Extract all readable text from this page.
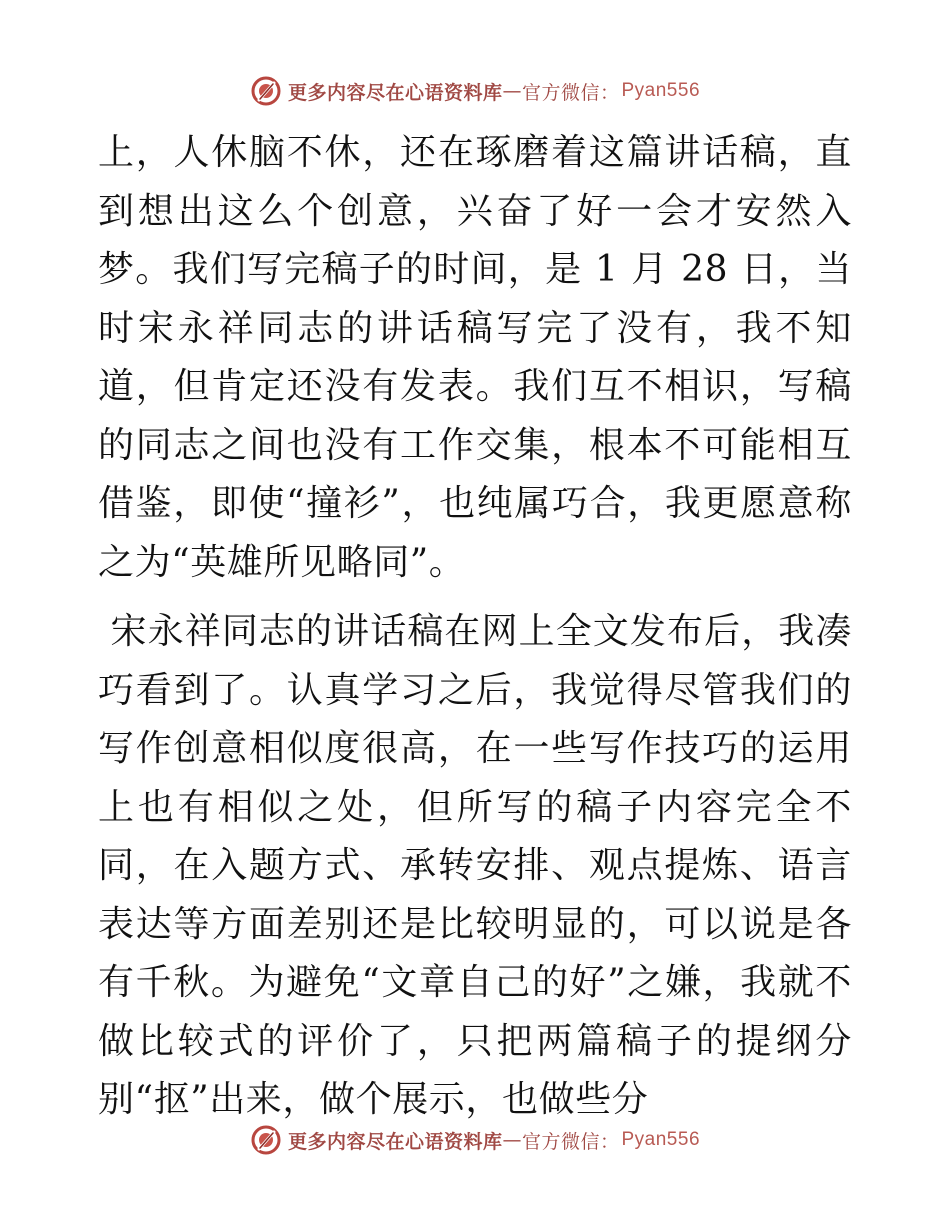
更多内容尽在心语资料库 — 官方微信： Pyan556

上，人休脑不休，还在琢磨着这篇讲话稿，直到想出这么个创意，兴奋了好一会才安然入梦。我们写完稿子的时间，是 1 月 28 日，当时宋永祥同志的讲话稿写完了没有，我不知道，但肯定还没有发表。我们互不相识，写稿的同志之间也没有工作交集，根本不可能相互借鉴，即使“撞衫”，也纯属巧合，我更愿意称之为“英雄所见略同”。

宋永祥同志的讲话稿在网上全文发布后，我凑巧看到了。认真学习之后，我觉得尽管我们的写作创意相似度很高，在一些写作技巧的运用上也有相似之处，但所写的稿子内容完全不同，在入题方式、承转安排、观点提炼、语言表达等方面差别还是比较明显的，可以说是各有千秋。为避免“文章自己的好”之嫌，我就不做比较式的评价了，只把两篇稿子的提纲分别“抠”出来，做个展示，也做些分

更多内容尽在心语资料库 — 官方微信： Pyan556
